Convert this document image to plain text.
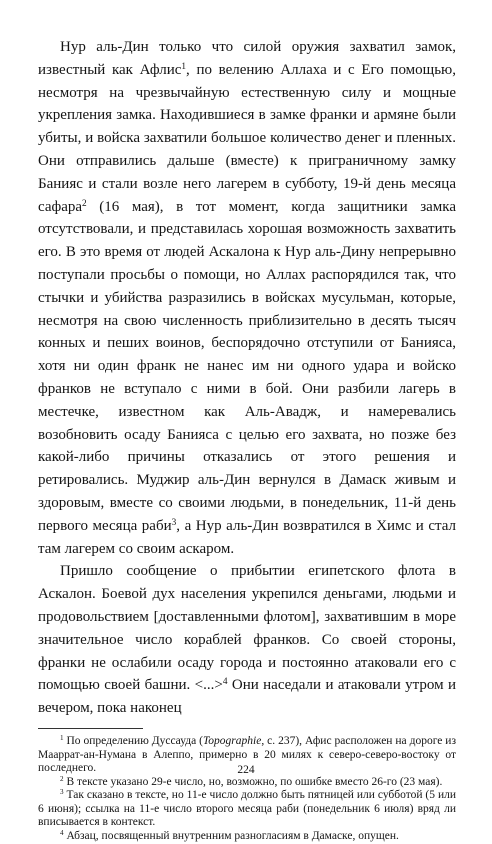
Нур аль-Дин только что силой оружия захватил замок, известный как Афлис$^1$, по велению Аллаха и с Его помощью, несмотря на чрезвычайную естественную силу и мощные укрепления замка. Находившиеся в замке франки и армяне были убиты, и войска захватили большое количество денег и пленных. Они отправились дальше (вместе) к приграничному замку Банияс и стали возле него лагерем в субботу, 19-й день месяца сафара$^2$ (16 мая), в тот момент, когда защитники замка отсутствовали, и представилась хорошая возможность захватить его. В это время от людей Аскалона к Нур аль-Дину непрерывно поступали просьбы о помощи, но Аллах распорядился так, что стычки и убийства разразились в войсках мусульман, которые, несмотря на свою численность приблизительно в десять тысяч конных и пеших воинов, беспорядочно отступили от Банияса, хотя ни один франк не нанес им ни одного удара и войско франков не вступало с ними в бой. Они разбили лагерь в местечке, известном как Аль-Авадж, и намеревались возобновить осаду Банияса с целью его захвата, но позже без какой-либо причины отказались от этого решения и ретировались. Муджир аль-Дин вернулся в Дамаск живым и здоровым, вместе со своими людьми, в понедельник, 11-й день первого месяца раби$^3$, а Нур аль-Дин возвратился в Химс и стал там лагерем со своим аскаром.

Пришло сообщение о прибытии египетского флота в Аскалон. Боевой дух населения укрепился деньгами, людьми и продовольствием [доставленными флотом], захватившим в море значительное число кораблей франков. Со своей стороны, франки не ослабили осаду города и постоянно атаковали его с помощью своей башни. <...>$^4$ Они наседали и атаковали утром и вечером, пока наконец

$^1$ По определению Дуссауда (Topographie, с. 237), Афис расположен на дороге из Мааррат-ан-Нумана в Алеппо, примерно в 20 милях к северо-северо-востоку от последнего.

$^2$ В тексте указано 29-е число, но, возможно, по ошибке вместо 26-го (23 мая).

$^3$ Так сказано в тексте, но 11-е число должно быть пятницей или субботой (5 или 6 июня); ссылка на 11-е число второго месяца раби (понедельник 6 июля) вряд ли вписывается в контекст.

$^4$ Абзац, посвященный внутренним разногласиям в Дамаске, опущен.

224
